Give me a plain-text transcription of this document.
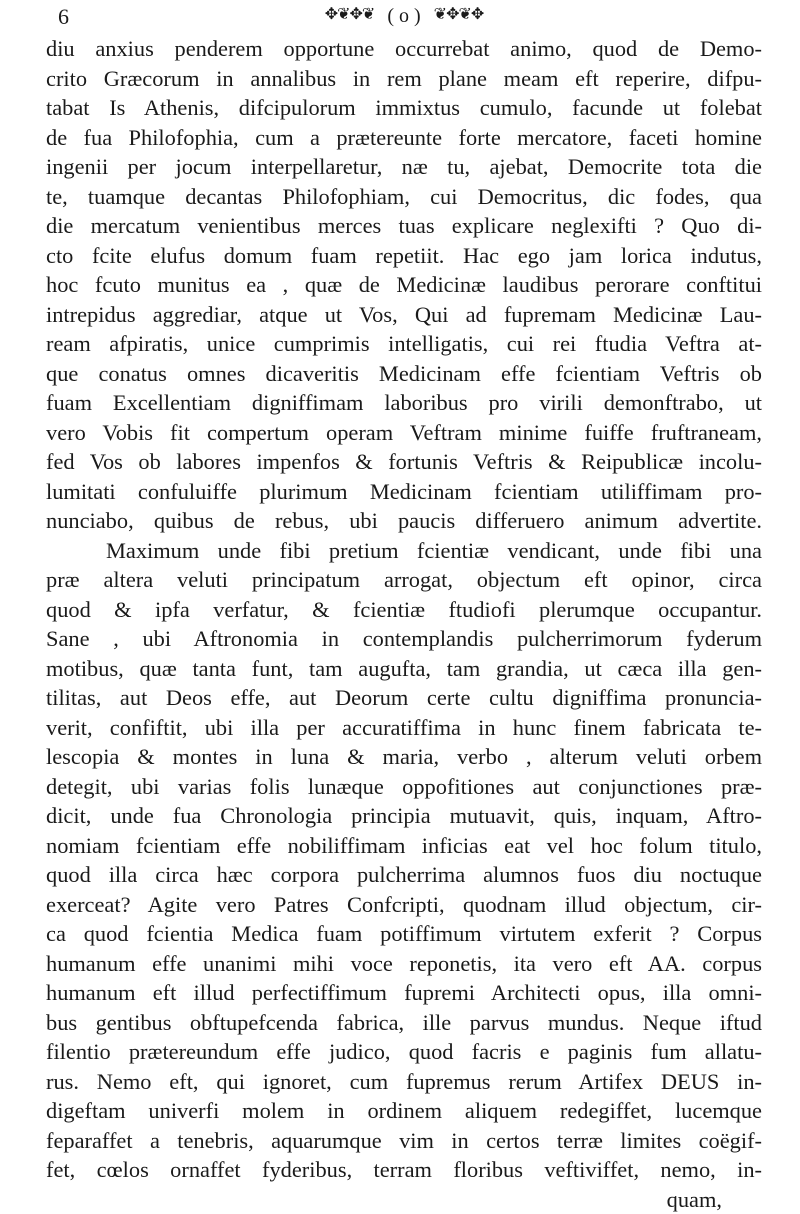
6	✥❦✥❦ ( o ) ❦✥❦✥
diu anxius penderem opportune occurrebat animo, quod de Demo-
crito Græcorum in annalibus in rem plane meam eft reperire, difpu-
tabat Is Athenis, difcipulorum immixtus cumulo, facunde ut folebat
de fua Philofophia, cum a prætereunte forte mercatore, faceti homine
ingenii per jocum interpellaretur, næ tu, ajebat, Democrite tota die
te, tuamque decantas Philofophiam, cui Democritus, dic fodes, qua
die mercatum venientibus merces tuas explicare neglexifti ? Quo di-
cto fcite elufus domum fuam repetiit. Hac ego jam lorica indutus,
hoc fcuto munitus ea , quæ de Medicinæ laudibus perorare conftitui
intrepidus aggrediar, atque ut Vos, Qui ad fupremam Medicinæ Lau-
ream afpiratis, unice cumprimis intelligatis, cui rei ftudia Veftra at-
que conatus omnes dicaveritis Medicinam effe fcientiam Veftris ob
fuam Excellentiam digniffimam laboribus pro virili demonftrabo, ut
vero Vobis fit compertum operam Veftram minime fuiffe fruftraneam,
fed Vos ob labores impenfos & fortunis Veftris & Reipublicæ incolu-
lumitati confuluiffe plurimum Medicinam fcientiam utiliffimam pro-
nunciabo, quibus de rebus, ubi paucis differuero animum advertite.
Maximum unde fibi pretium fcientiæ vendicant, unde fibi una
præ altera veluti principatum arrogat, objectum eft opinor, circa
quod & ipfa verfatur, & fcientiæ ftudiofi plerumque occupantur.
Sane , ubi Aftronomia in contemplandis pulcherrimorum fyderum
motibus, quæ tanta funt, tam augufta, tam grandia, ut cæca illa gen-
tilitas, aut Deos effe, aut Deorum certe cultu digniffima pronuncia-
verit, confiftit, ubi illa per accuratiffima in hunc finem fabricata te-
lescopia & montes in luna & maria, verbo , alterum veluti orbem
detegit, ubi varias folis lunæque oppofitiones aut conjunctiones præ-
dicit, unde fua Chronologia principia mutuavit, quis, inquam, Aftro-
nomiam fcientiam effe nobiliffimam inficias eat vel hoc folum titulo,
quod illa circa hæc corpora pulcherrima alumnos fuos diu noctuque
exerceat? Agite vero Patres Confcripti, quodnam illud objectum, cir-
ca quod fcientia Medica fuam potiffimum virtutem exferit ? Corpus
humanum effe unanimi mihi voce reponetis, ita vero eft AA. corpus
humanum eft illud perfectiffimum fupremi Architecti opus, illa omni-
bus gentibus obftupefcenda fabrica, ille parvus mundus. Neque iftud
filentio prætereundum effe judico, quod facris e paginis fum allatu-
rus. Nemo eft, qui ignoret, cum fupremus rerum Artifex DEUS in-
digeftam univerfi molem in ordinem aliquem redegiffet, lucemque
feparaffet a tenebris, aquarumque vim in certos terræ limites coëgif-
fet, cœlos ornaffet fyderibus, terram floribus veftiviffet, nemo, in-
quam,
